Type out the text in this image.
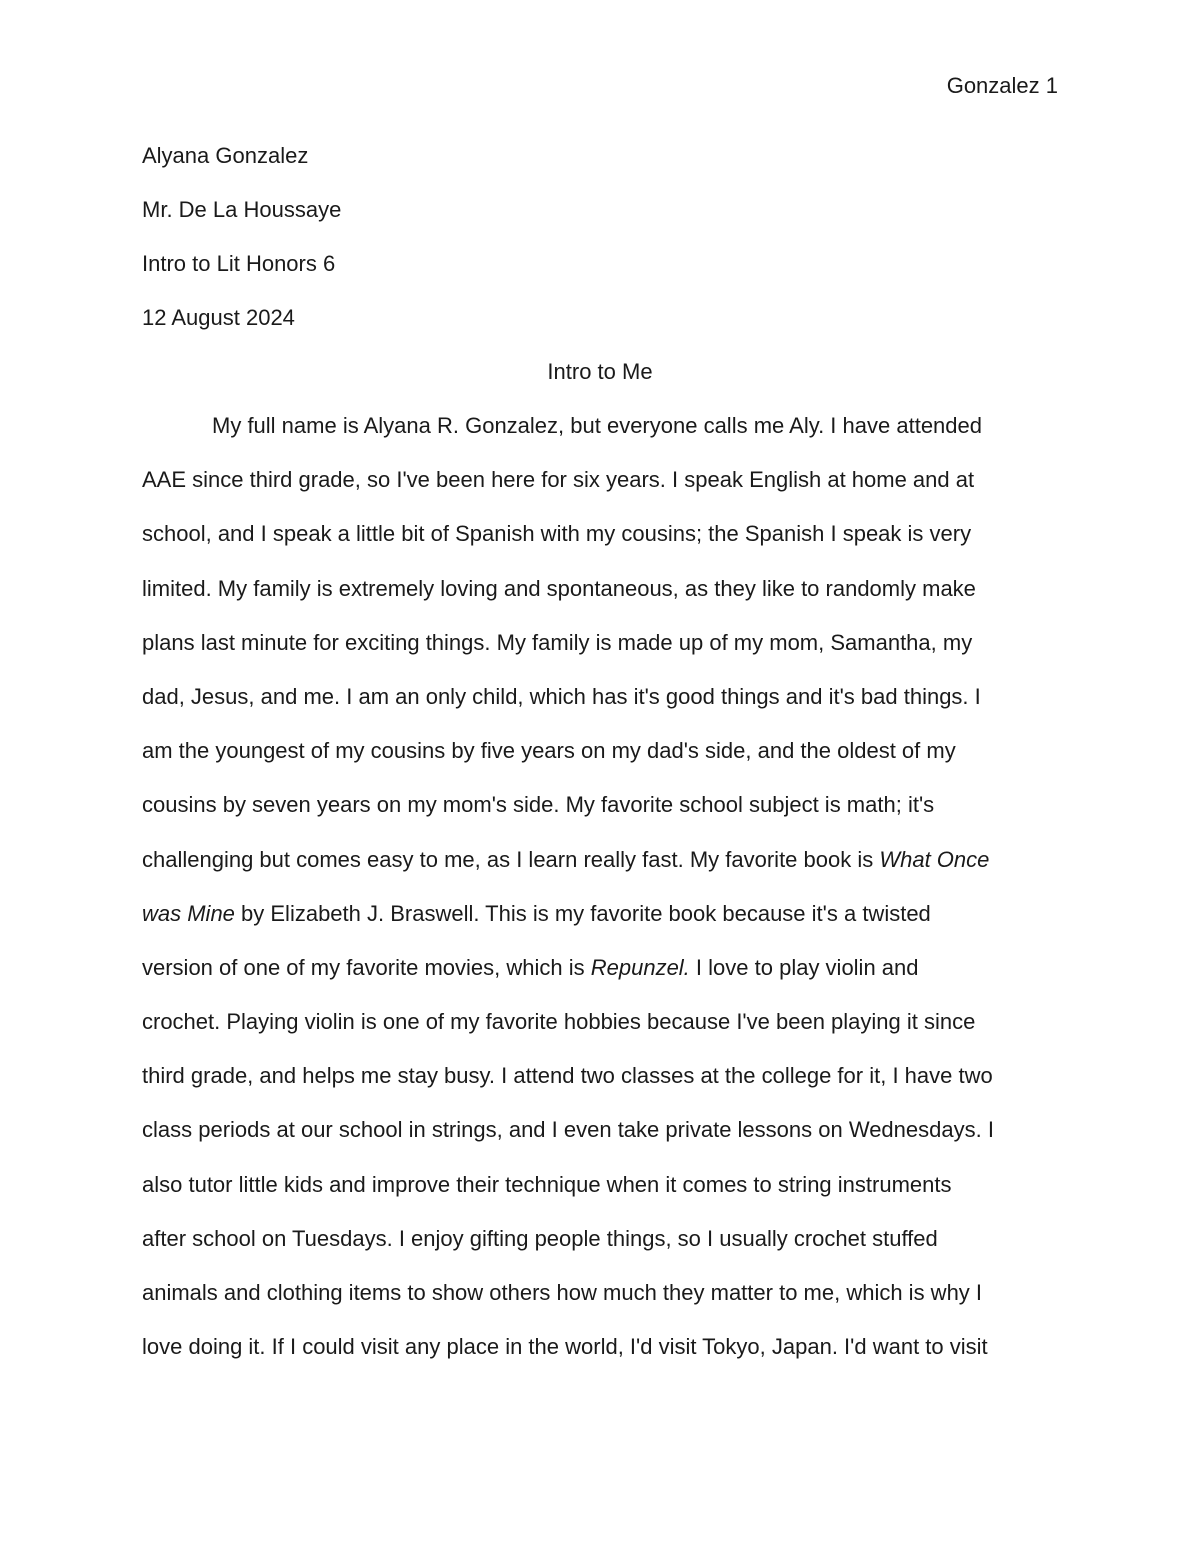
Gonzalez 1

Alyana Gonzalez

Mr. De La Houssaye

Intro to Lit Honors 6

12 August 2024

Intro to Me

My full name is Alyana R. Gonzalez, but everyone calls me Aly. I have attended

AAE since third grade, so I've been here for six years. I speak English at home and at

school, and I speak a little bit of Spanish with my cousins; the Spanish I speak is very

limited. My family is extremely loving and spontaneous, as they like to randomly make

plans last minute for exciting things. My family is made up of my mom, Samantha, my

dad, Jesus, and me. I am an only child, which has it's good things and it's bad things. I

am the youngest of my cousins by five years on my dad's side, and the oldest of my

cousins by seven years on my mom's side. My favorite school subject is math; it's

challenging but comes easy to me, as I learn really fast. My favorite book is What Once

was Mine by Elizabeth J. Braswell. This is my favorite book because it's a twisted

version of one of my favorite movies, which is Repunzel. I love to play violin and

crochet. Playing violin is one of my favorite hobbies because I've been playing it since

third grade, and helps me stay busy. I attend two classes at the college for it, I have two

class periods at our school in strings, and I even take private lessons on Wednesdays. I

also tutor little kids and improve their technique when it comes to string instruments

after school on Tuesdays. I enjoy gifting people things, so I usually crochet stuffed

animals and clothing items to show others how much they matter to me, which is why I

love doing it. If I could visit any place in the world, I'd visit Tokyo, Japan. I'd want to visit
